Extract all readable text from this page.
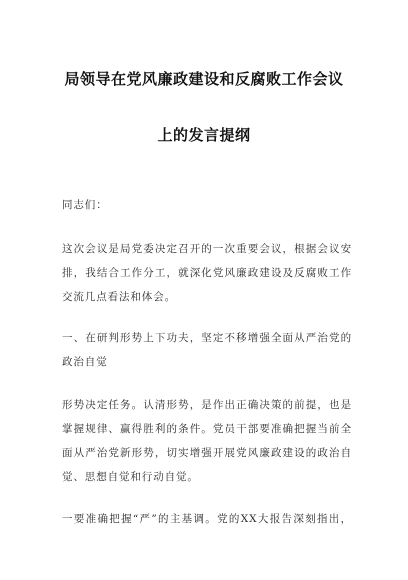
局领导在党风廉政建设和反腐败工作会议
上的发言提纲
同志们：
这次会议是局党委决定召开的一次重要会议，根据会议安
排，我结合工作分工，就深化党风廉政建设及反腐败工作
交流几点看法和体会。
一、在研判形势上下功夫，坚定不移增强全面从严治党的
政治自觉
形势决定任务。认清形势，是作出正确决策的前提，也是
掌握规律、赢得胜利的条件。党员干部要准确把握当前全
面从严治党新形势，切实增强开展党风廉政建设的政治自
觉、思想自觉和行动自觉。
一要准确把握“严”的主基调。党的XX大报告深刻指出，
